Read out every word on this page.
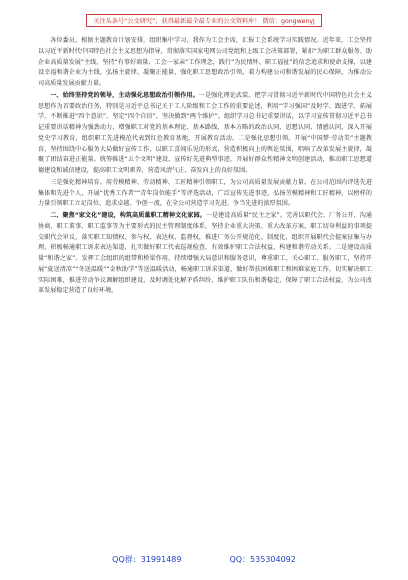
关注头条号“公文研究”，获得最新最全最专业的公文资料库！ 微信：gongwenyj

各位委员，根据主题教育计划安排，组织集中学习，我作为工会主席，汇报工会系统学习实践情况。近年来，工会坚持以习近平新时代中国特色社会主义思想为指导，贯彻落实国家电网公司党组和上级工会决策部署，紧扣“为职工群众服务、助企业高质量发展”主线，坚持“有事好商量、工会一家亲”工作理念，践行“为民情怀、职工福祉”的信念追求和使命支撑，以建设幸福和谐企业为主线，弘扬主旋律、凝聚正能量，强化职工思想政治引领，着力构建公司和谐发展的民心保障，为推动公司高质量发展贡献力量。

一、始终坚持党的领导，主动强化思想政治引领作用。一是强化理论武装。把学习贯彻习近平新时代中国特色社会主义思想作为首要政治任务，特别是习近平总书记关于工人阶级和工会工作的重要论述，利用“学习强国”及时学、跟进学、拓展学，不断推进“四个意识”、坚定“四个自信”、坚决做到“两个维护”。组织学习总书记重要讲话，以学习宣传贯彻习近平总书记重要讲话精神为强劲动力，增强职工对党的基本理论、基本路线、基本方略的政治认同、思想认同、情感认同，深入开展党史学习教育，组织职工先进模范代表到红色教育基地，开展教育活动。二是强化思想引领。开展“中国梦·劳动美”主题教育，坚持围绕中心服务大局做好宣传工作，以职工喜闻乐见的形式，营造积极向上的舆论氛围，唱响了改革发展主旋律，凝聚了团结奋进正能量。统筹推进“五个文明”建设，宣传好先进典型事迹，开展好群众性精神文明创建活动，推动职工思想道德建设和诚信建设，提高职工文明素养，营造风清气正、奋发向上的良好氛围。

三是强化精神培育。用劳模精神、劳动精神、工匠精神引领职工，为公司高质量发展贡献力量。在公司范围内评选先进集体和先进个人，开展“优秀工作者”“青年岗位能手”等评选活动，广泛宣传先进事迹，弘扬劳模精神和工匠精神，以榜样的力量引领职工立足岗位、追求卓越、争创一流，在全公司营造学习先进、争当先进的浓厚氛围。

二、聚焦“家文化”建设，构筑高质量职工精神文化家园。一是建设高质量“民主之家”。完善以职代会、厂务公开、沟通协商、职工董事、职工监事等为主要形式的民主管理制度体系，坚持企业重大决策、重大改革方案、职工切身利益的事项提交职代会审议，落实职工知情权、参与权、表达权、监督权，推进厂务公开规范化、制度化，组织开展职代会提案征集与办理，积极畅通职工诉求表达渠道，扎实做好职工代表巡视检查，有效维护职工合法权益，构建和谐劳动关系。二是建设高质量“和谐之家”。发挥工会组织的组带和桥梁作用，持续增强大局意识和服务意识，尊重职工、关心职工、服务职工，坚持开展“夏送清凉”“冬送温暖”“金秋助学”等送温暖活动，畅通职工诉求渠道，做好帮扶困难职工和困难家庭工作，切实解决职工实际困难，推进劳动争议调解组织建设，及时调处化解矛盾纠纷，维护职工队伍和谐稳定，保障了职工合法权益，为公司改革发展稳定营造了良好环境。

QQ群：31991489	QQ：535304092
